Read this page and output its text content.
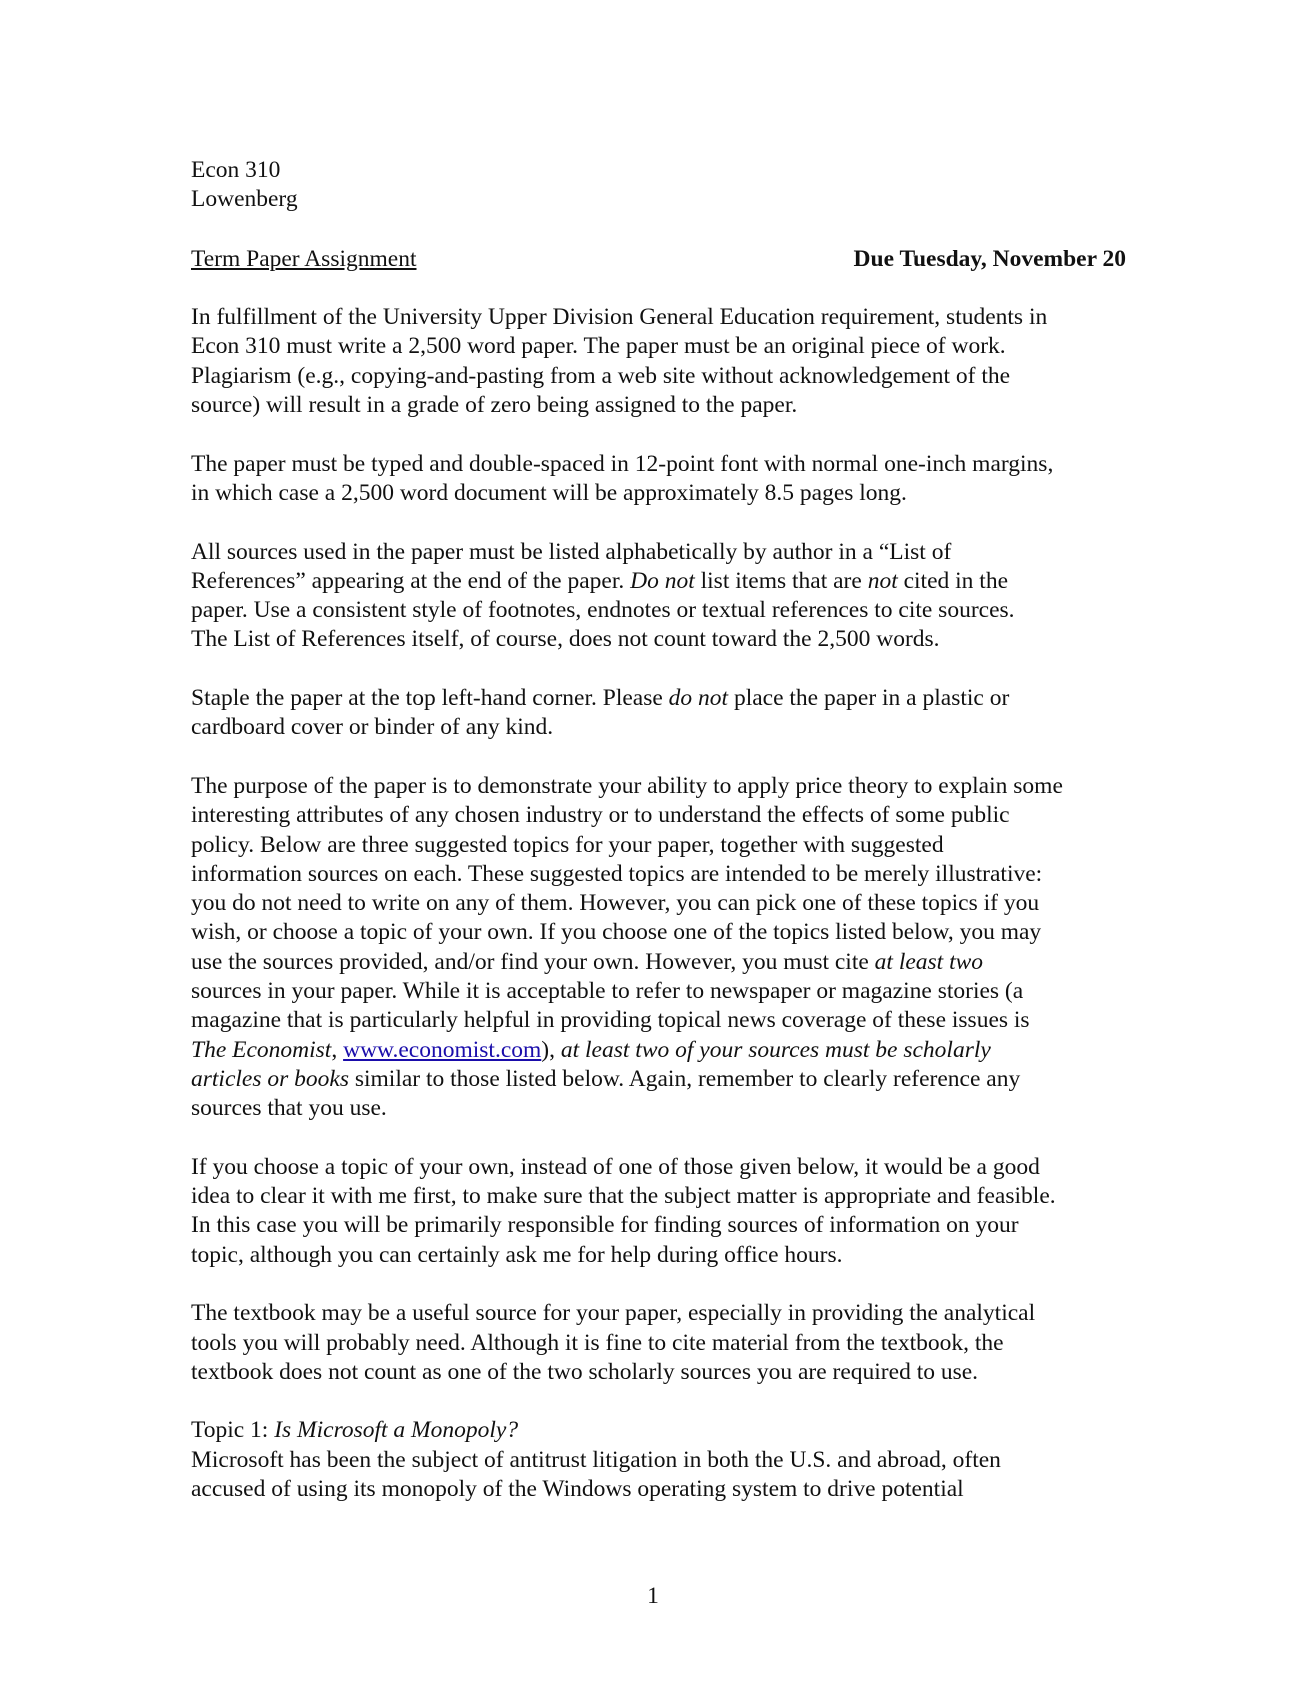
Econ 310
Lowenberg
Term Paper Assignment	Due Tuesday, November 20

In fulfillment of the University Upper Division General Education requirement, students in
Econ 310 must write a 2,500 word paper. The paper must be an original piece of work.
Plagiarism (e.g., copying-and-pasting from a web site without acknowledgement of the
source) will result in a grade of zero being assigned to the paper.

The paper must be typed and double-spaced in 12-point font with normal one-inch margins,
in which case a 2,500 word document will be approximately 8.5 pages long.

All sources used in the paper must be listed alphabetically by author in a “List of
References” appearing at the end of the paper. Do not list items that are not cited in the
paper. Use a consistent style of footnotes, endnotes or textual references to cite sources.
The List of References itself, of course, does not count toward the 2,500 words.

Staple the paper at the top left-hand corner. Please do not place the paper in a plastic or
cardboard cover or binder of any kind.

The purpose of the paper is to demonstrate your ability to apply price theory to explain some
interesting attributes of any chosen industry or to understand the effects of some public
policy. Below are three suggested topics for your paper, together with suggested
information sources on each. These suggested topics are intended to be merely illustrative:
you do not need to write on any of them. However, you can pick one of these topics if you
wish, or choose a topic of your own. If you choose one of the topics listed below, you may
use the sources provided, and/or find your own. However, you must cite at least two
sources in your paper. While it is acceptable to refer to newspaper or magazine stories (a
magazine that is particularly helpful in providing topical news coverage of these issues is
The Economist, www.economist.com), at least two of your sources must be scholarly
articles or books similar to those listed below. Again, remember to clearly reference any
sources that you use.

If you choose a topic of your own, instead of one of those given below, it would be a good
idea to clear it with me first, to make sure that the subject matter is appropriate and feasible.
In this case you will be primarily responsible for finding sources of information on your
topic, although you can certainly ask me for help during office hours.

The textbook may be a useful source for your paper, especially in providing the analytical
tools you will probably need. Although it is fine to cite material from the textbook, the
textbook does not count as one of the two scholarly sources you are required to use.

Topic 1: Is Microsoft a Monopoly?
Microsoft has been the subject of antitrust litigation in both the U.S. and abroad, often
accused of using its monopoly of the Windows operating system to drive potential
1
